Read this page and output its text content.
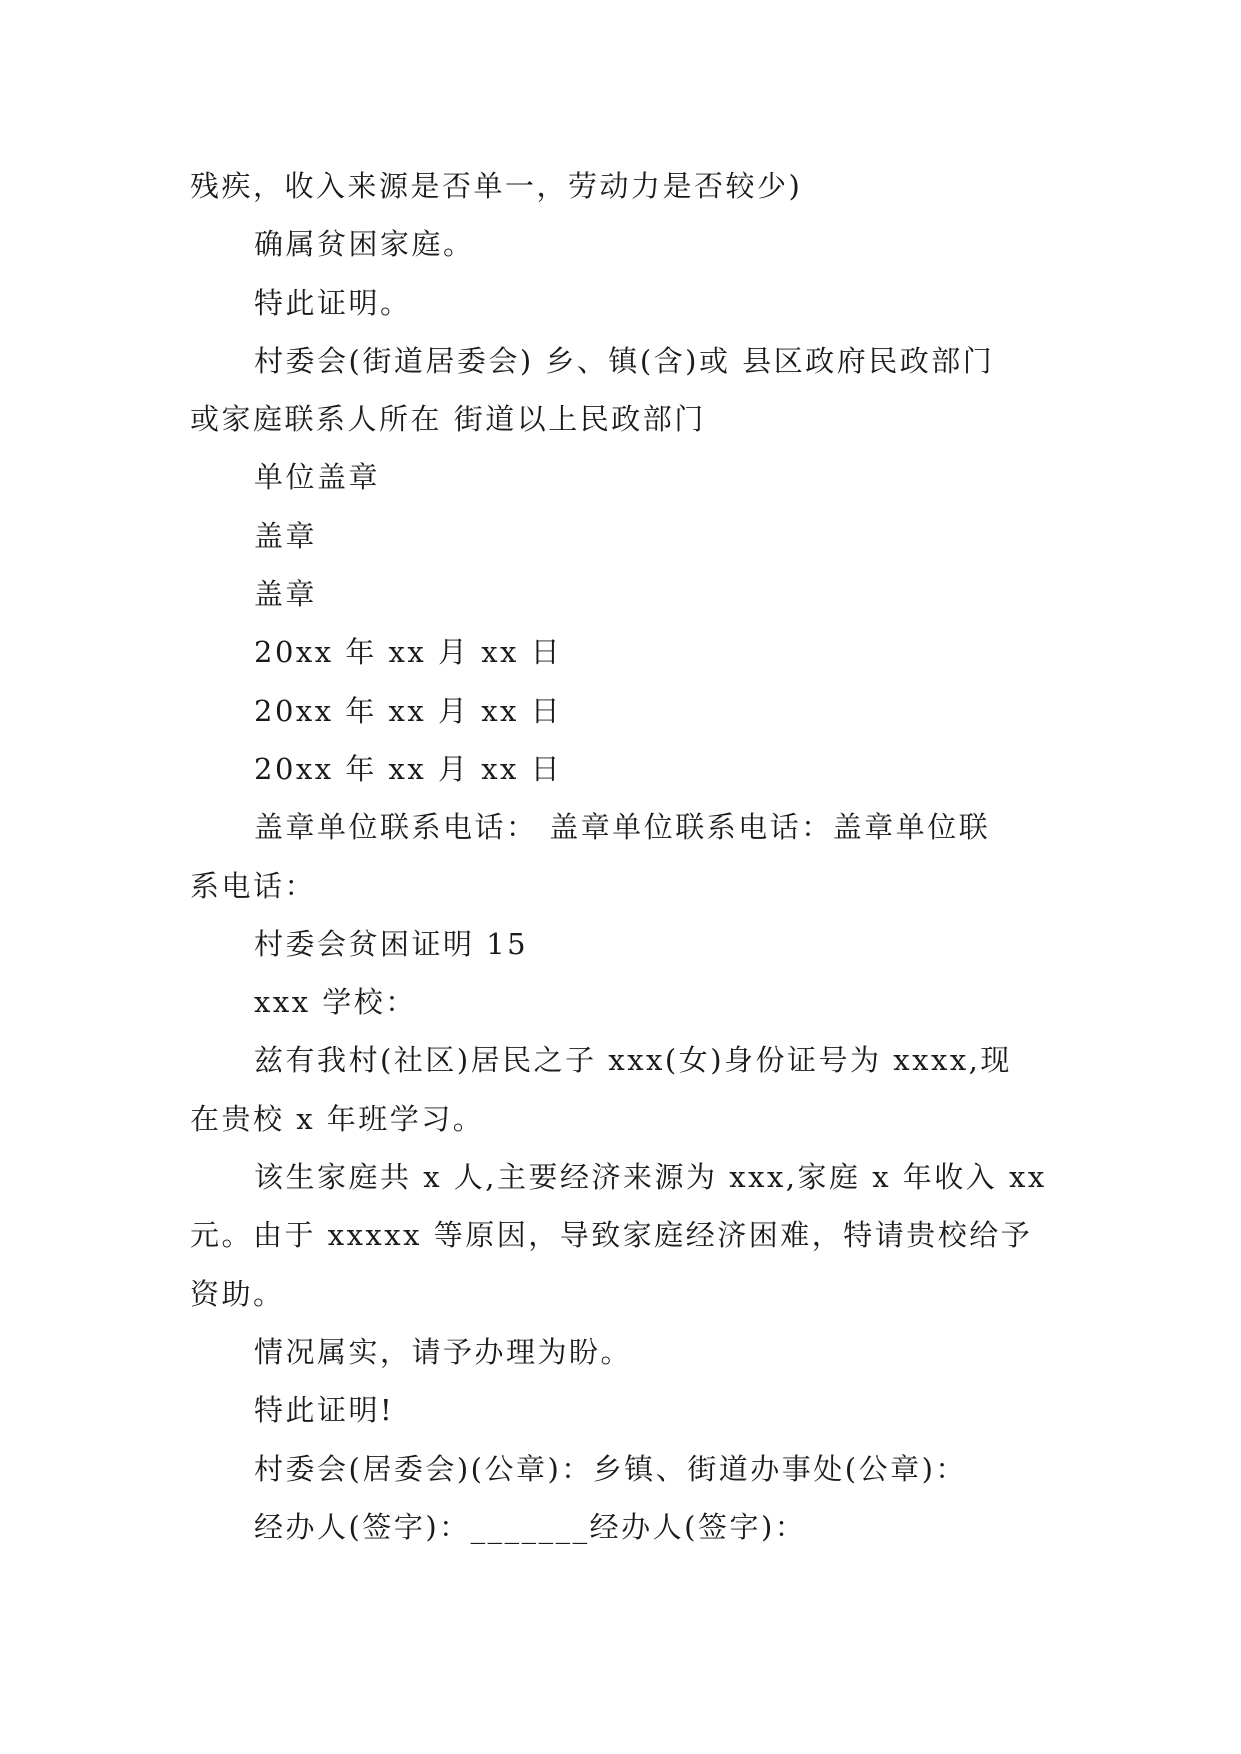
残疾，收入来源是否单一，劳动力是否较少)

确属贫困家庭。

特此证明。

村委会(街道居委会) 乡、镇(含)或 县区政府民政部门

或家庭联系人所在 街道以上民政部门

单位盖章

盖章

盖章

20xx 年 xx 月 xx 日

20xx 年 xx 月 xx 日

20xx 年 xx 月 xx 日

盖章单位联系电话： 盖章单位联系电话：盖章单位联

系电话：

村委会贫困证明 15

xxx 学校：

兹有我村(社区)居民之子 xxx(女)身份证号为 xxxx,现

在贵校 x 年班学习。

该生家庭共 x 人,主要经济来源为 xxx,家庭 x 年收入 xx

元。由于 xxxxx 等原因，导致家庭经济困难，特请贵校给予

资助。

情况属实，请予办理为盼。

特此证明!

村委会(居委会)(公章)：乡镇、街道办事处(公章)：

经办人(签字)：_______经办人(签字)：
